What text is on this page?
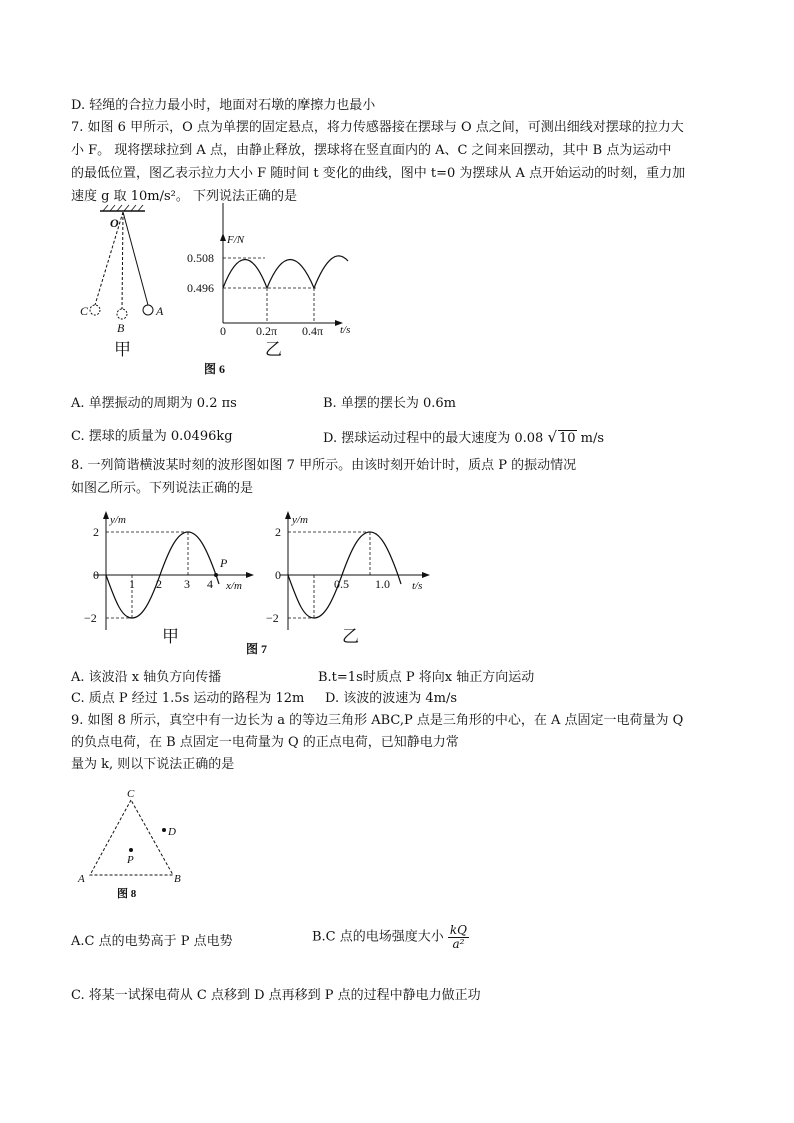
D. 轻绳的合拉力最小时，地面对石墩的摩擦力也最小
7. 如图 6 甲所示，O 点为单摆的固定悬点，将力传感器接在摆球与 O 点之间，可测出细线对摆球的拉力大
小 F。 现将摆球拉到 A 点，由静止释放，摆球将在竖直面内的 A、C 之间来回摆动，其中 B 点为运动中
的最低位置，图乙表示拉力大小 F 随时间 t 变化的曲线，图中 t=0 为摆球从 A 点开始运动的时刻，重力加
速度 g 取 10m/s²。 下列说法正确的是
O
C
B
A
甲
F/N
t/s
0.508
0.496
0	0.2π 0.4π
乙
图 6
A. 单摆振动的周期为 0.2 πs	B. 单摆的摆长为 0.6m
C. 摆球的质量为 0.0496kg	D. 摆球运动过程中的最大速度为 0.08 √ 10 m/s
8. 一列简谐横波某时刻的波形图如图 7 甲所示。由该时刻开始计时，质点 P 的振动情况
如图乙所示。下列说法正确的是
y/m
x/m
2
−2
0
1 2 3 4
P
甲
y/m
t/s
2
−2
0
0.5 1.0
乙
图 7
A. 该波沿 x 轴负方向传播	B.t=1s时质点 P 将向x 轴正方向运动
C. 质点 P 经过 1.5s 运动的路程为 12m D. 该波的波速为 4m/s
9. 如图 8 所示，真空中有一边长为 a 的等边三角形 ABC,P 点是三角形的中心，在 A 点固定一电荷量为 Q
的负点电荷，在 B 点固定一电荷量为 Q 的正点电荷，已知静电力常
量为 k, 则以下说法正确的是
C
A	B
D
P
图 8
A.C 点的电势高于 P 点电势	B.C 点的电场强度大小 $\frac{kQ}{\text{a²}}$
C. 将某一试探电荷从 C 点移到 D 点再移到 P 点的过程中静电力做正功
